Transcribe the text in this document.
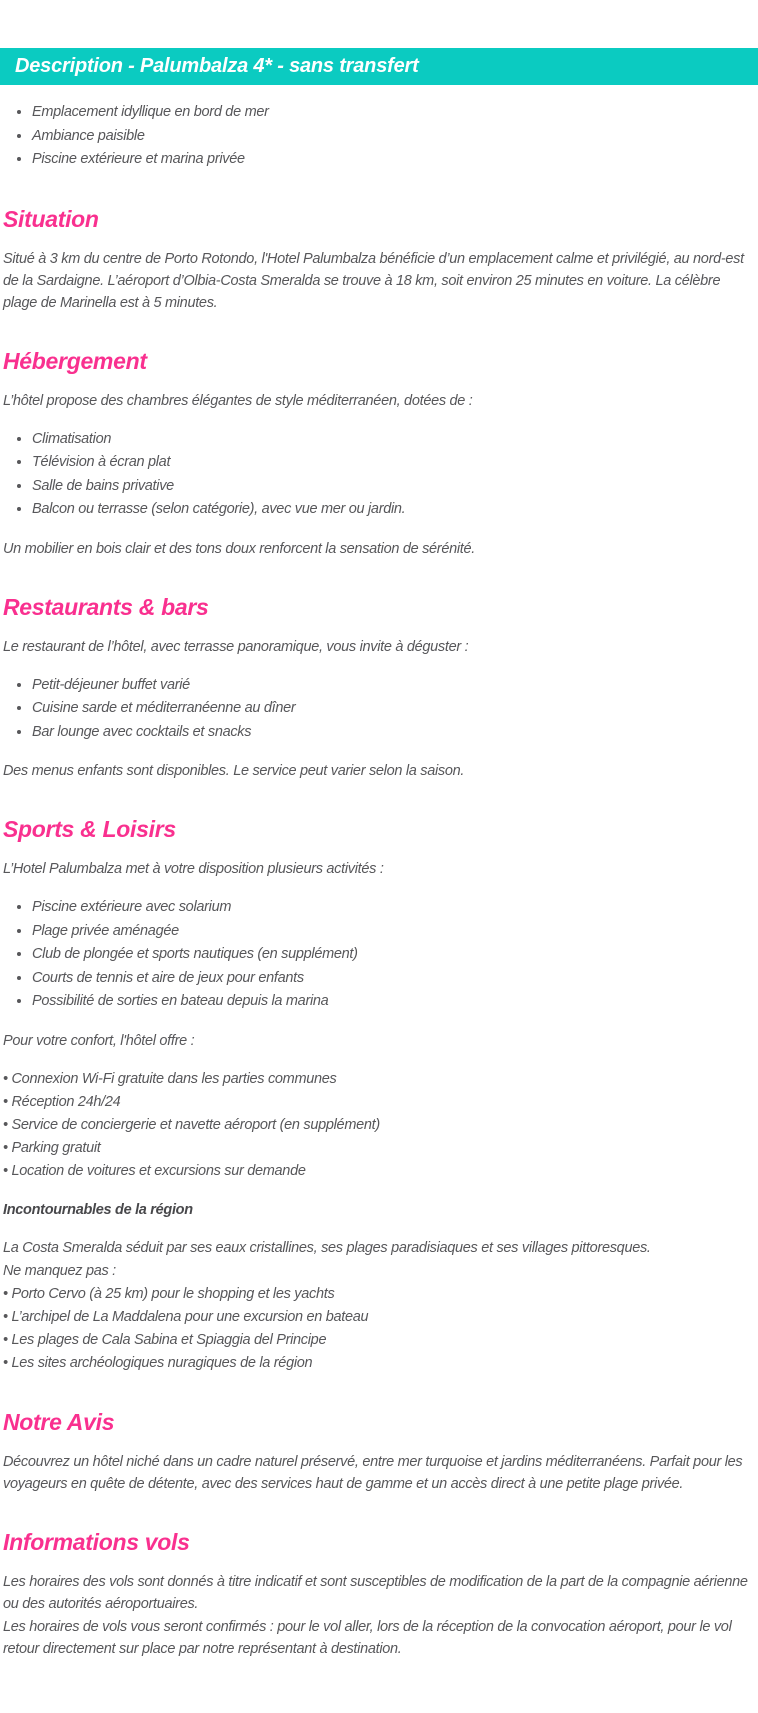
Description - Palumbalza 4* - sans transfert
• Emplacement idyllique en bord de mer
• Ambiance paisible
• Piscine extérieure et marina privée
Situation

Situé à 3 km du centre de Porto Rotondo, l'Hotel Palumbalza bénéficie d’un emplacement calme et privilégié, au nord-est de la Sardaigne. L’aéroport d’Olbia-Costa Smeralda se trouve à 18 km, soit environ 25 minutes en voiture. La célèbre plage de Marinella est à 5 minutes.

Hébergement

L’hôtel propose des chambres élégantes de style méditerranéen, dotées de :

• Climatisation
• Télévision à écran plat
• Salle de bains privative
• Balcon ou terrasse (selon catégorie), avec vue mer ou jardin.

Un mobilier en bois clair et des tons doux renforcent la sensation de sérénité.

Restaurants & bars

Le restaurant de l’hôtel, avec terrasse panoramique, vous invite à déguster :

• Petit-déjeuner buffet varié
• Cuisine sarde et méditerranéenne au dîner
• Bar lounge avec cocktails et snacks

Des menus enfants sont disponibles. Le service peut varier selon la saison.

Sports & Loisirs

L’Hotel Palumbalza met à votre disposition plusieurs activités :

• Piscine extérieure avec solarium
• Plage privée aménagée
• Club de plongée et sports nautiques (en supplément)
• Courts de tennis et aire de jeux pour enfants
• Possibilité de sorties en bateau depuis la marina

Pour votre confort, l'hôtel offre :

• Connexion Wi-Fi gratuite dans les parties communes
• Réception 24h/24
• Service de conciergerie et navette aéroport (en supplément)
• Parking gratuit
• Location de voitures et excursions sur demande

Incontournables de la région

La Costa Smeralda séduit par ses eaux cristallines, ses plages paradisiaques et ses villages pittoresques.
Ne manquez pas :
• Porto Cervo (à 25 km) pour le shopping et les yachts
• L’archipel de La Maddalena pour une excursion en bateau
• Les plages de Cala Sabina et Spiaggia del Principe
• Les sites archéologiques nuragiques de la région
Notre Avis

Découvrez un hôtel niché dans un cadre naturel préservé, entre mer turquoise et jardins méditerranéens. Parfait pour les voyageurs en quête de détente, avec des services haut de gamme et un accès direct à une petite plage privée.

Informations vols

Les horaires des vols sont donnés à titre indicatif et sont susceptibles de modification de la part de la compagnie aérienne ou des autorités aéroportuaires.
Les horaires de vols vous seront confirmés : pour le vol aller, lors de la réception de la convocation aéroport, pour le vol retour directement sur place par notre représentant à destination.
